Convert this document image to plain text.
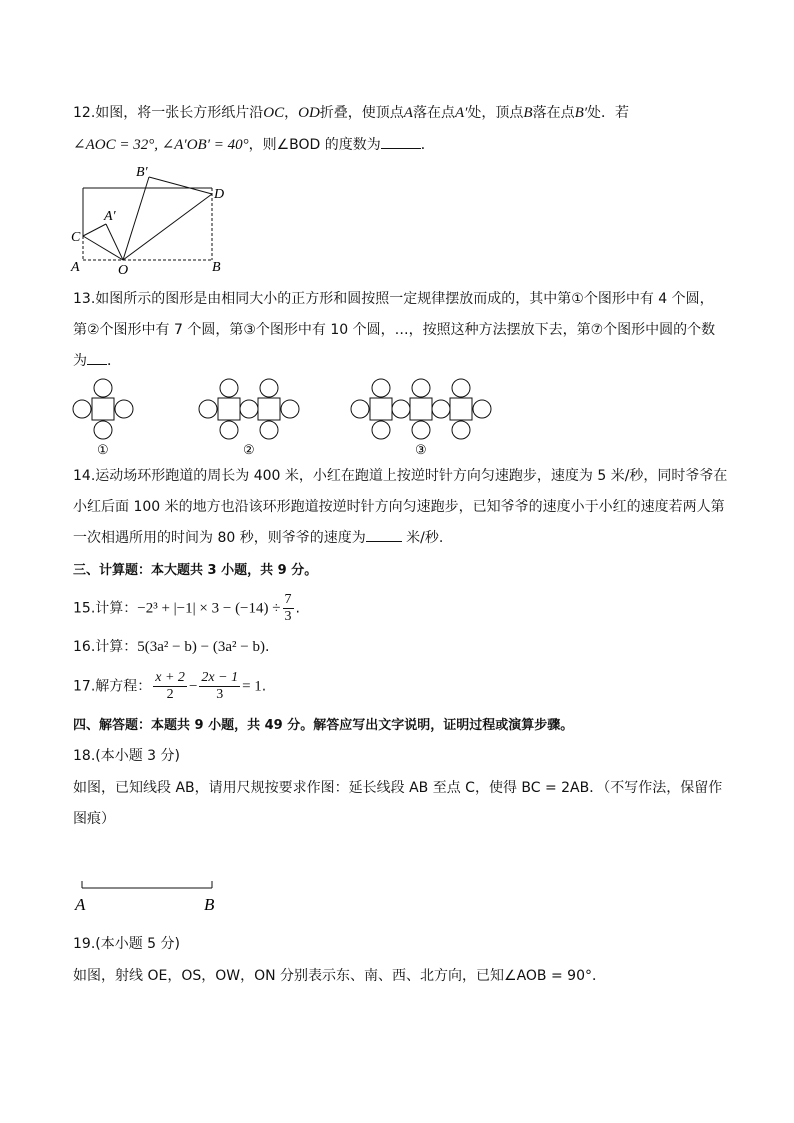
12.如图，将一张长方形纸片沿OC，OD折叠，使顶点A落在点A′处，顶点B落在点B′处．若
∠AOC = 32°, ∠A′OB′ = 40°，则∠BOD 的度数为	．
B′
D
A′
C
A	O	B
13.如图所示的图形是由相同大小的正方形和圆按照一定规律摆放而成的，其中第①个图形中有 4 个圆，
第②个图形中有 7 个圆，第③个图形中有 10 个圆，…，按照这种方法摆放下去，第⑦个图形中圆的个数
为 ．
①	②	③
14.运动场环形跑道的周长为 400 米，小红在跑道上按逆时针方向匀速跑步，速度为 5 米/秒，同时爷爷在
小红后面 100 米的地方也沿该环形跑道按逆时针方向匀速跑步，已知爷爷的速度小于小红的速度若两人第
一次相遇所用的时间为 80 秒，则爷爷的速度为	米/秒.
三、计算题：本大题共 3 小题，共 9 分。
15.计算：$-2^3 + |-1| \times 3 - (-14) \div \frac{7}{3}$ .
16.计算：5(3a² − b) − (3a² − b).
17.解方程： $\frac{x + 2}{2} - \frac{2x - 1}{3} = 1$.
四、解答题：本题共 9 小题，共 49 分。解答应写出文字说明，证明过程或演算步骤。
18.(本小题 3 分)
如图，已知线段 AB，请用尺规按要求作图：延长线段 AB 至点 C，使得 BC = 2AB．（不写作法，保留作
图痕）
A	B
19.(本小题 5 分)
如图，射线 OE，OS，OW，ON 分别表示东、南、西、北方向，已知∠AOB = 90°．
